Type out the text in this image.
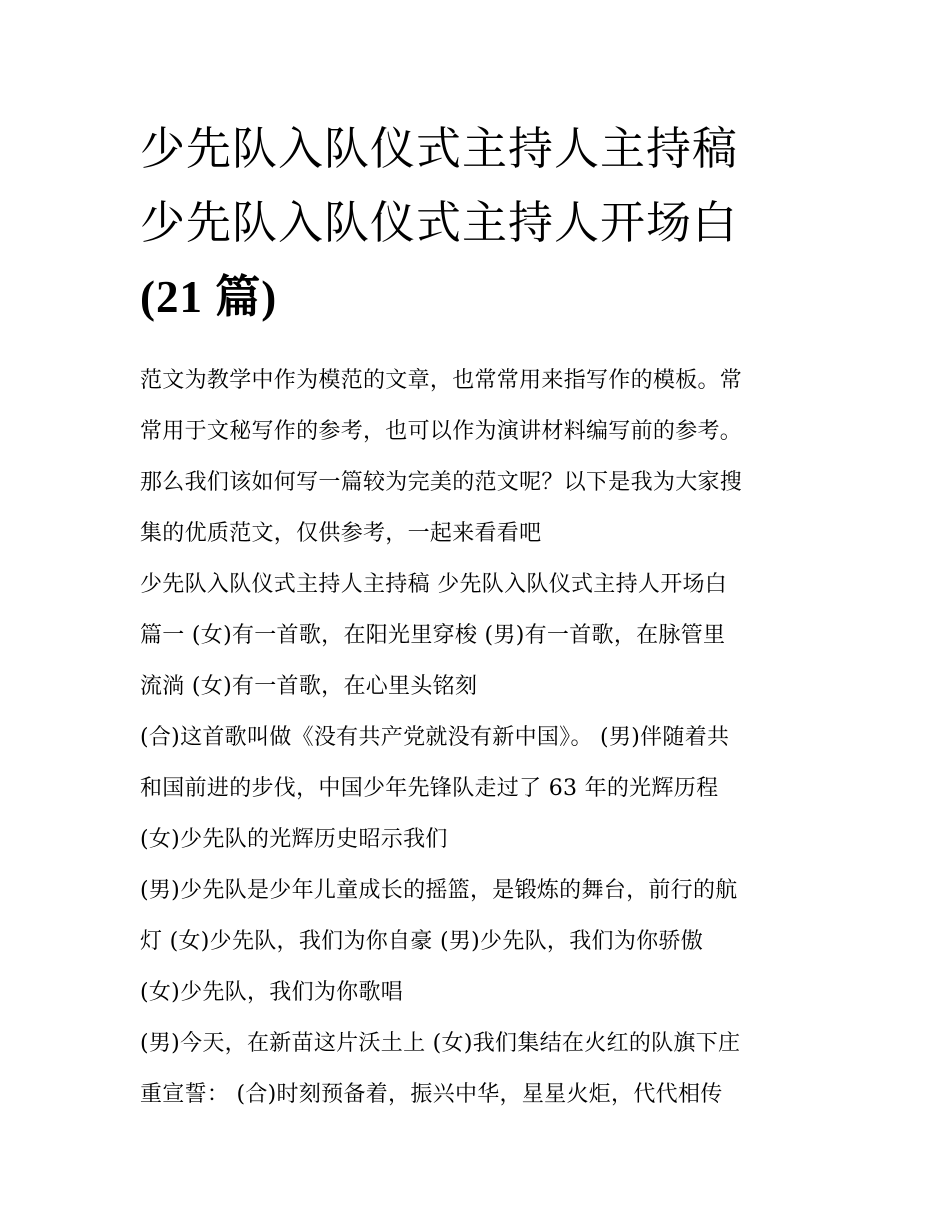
少先队入队仪式主持人主持稿
少先队入队仪式主持人开场白
(21 篇)
范文为教学中作为模范的文章，也常常用来指写作的模板。常
常用于文秘写作的参考，也可以作为演讲材料编写前的参考。
那么我们该如何写一篇较为完美的范文呢？以下是我为大家搜
集的优质范文，仅供参考，一起来看看吧
少先队入队仪式主持人主持稿 少先队入队仪式主持人开场白
篇一 (女)有一首歌，在阳光里穿梭 (男)有一首歌，在脉管里
流淌 (女)有一首歌，在心里头铭刻
(合)这首歌叫做《没有共产党就没有新中国》。 (男)伴随着共
和国前进的步伐，中国少年先锋队走过了 63 年的光辉历程
(女)少先队的光辉历史昭示我们
(男)少先队是少年儿童成长的摇篮，是锻炼的舞台，前行的航
灯 (女)少先队，我们为你自豪 (男)少先队，我们为你骄傲
(女)少先队，我们为你歌唱
(男)今天，在新苗这片沃土上 (女)我们集结在火红的队旗下庄
重宣誓： (合)时刻预备着，振兴中华，星星火炬，代代相传
